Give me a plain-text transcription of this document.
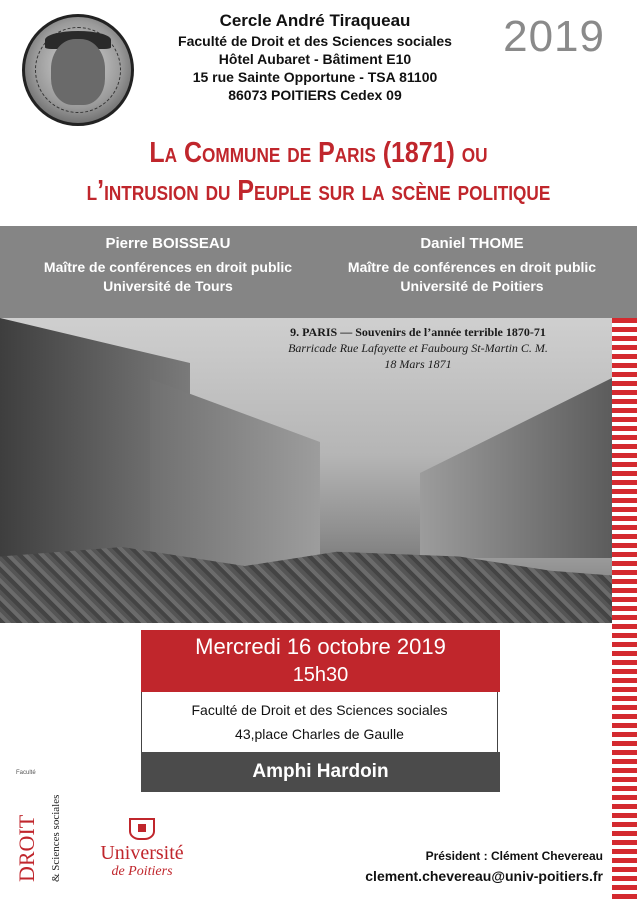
Cercle André Tiraqueau
Faculté de Droit et des Sciences sociales
Hôtel Aubaret - Bâtiment E10
15 rue Sainte Opportune - TSA 81100
86073 POITIERS Cedex 09
2019
La Commune de Paris (1871) ou
l’intrusion du Peuple sur la scène politique
Pierre BOISSEAU
Maître de conférences en droit public
Université de Tours
Daniel THOME
Maître de conférences en droit public
Université de Poitiers
9. PARIS — Souvenirs de l’année terrible 1870-71
Barricade Rue Lafayette et Faubourg St-Martin C. M.
18 Mars 1871
Mercredi 16 octobre 2019
15h30
Faculté de Droit et des Sciences sociales
43,place Charles de Gaulle
Amphi Hardoin
Faculté
DROIT & Sciences sociales	Université
de Poitiers
Président : Clément Chevereau
clement.chevereau@univ-poitiers.fr
